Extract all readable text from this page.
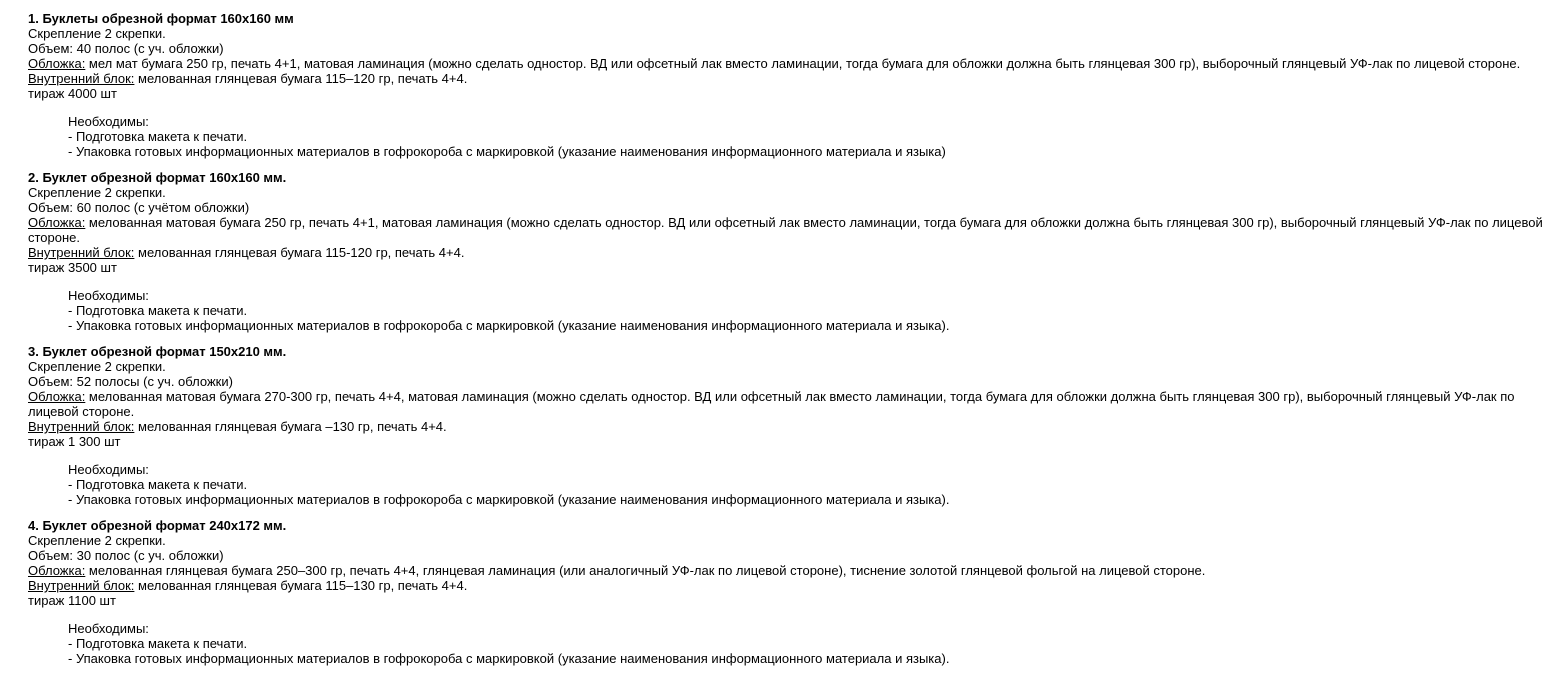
1. Буклеты обрезной формат 160х160 мм
Скрепление 2 скрепки.
Объем: 40 полос (с уч. обложки)
Обложка: мел мат бумага 250 гр, печать 4+1, матовая ламинация (можно сделать одностор. ВД или офсетный лак вместо ламинации, тогда бумага для обложки должна быть глянцевая 300 гр), выборочный глянцевый УФ-лак по лицевой стороне.
Внутренний блок: мелованная глянцевая бумага 115–120 гр, печать 4+4.
тираж 4000 шт
Необходимы:
- Подготовка макета к печати.
- Упаковка готовых информационных материалов в гофрокороба с маркировкой (указание наименования информационного материала и языка)
2. Буклет обрезной формат 160х160 мм.
Скрепление 2 скрепки.
Объем: 60 полос (с учётом обложки)
Обложка: мелованная матовая бумага 250 гр, печать 4+1, матовая ламинация (можно сделать одностор. ВД или офсетный лак вместо ламинации, тогда бумага для обложки должна быть глянцевая 300 гр), выборочный глянцевый УФ-лак по лицевой стороне.
Внутренний блок: мелованная глянцевая бумага 115-120 гр, печать 4+4.
тираж 3500 шт
Необходимы:
- Подготовка макета к печати.
- Упаковка готовых информационных материалов в гофрокороба с маркировкой (указание наименования информационного материала и языка).
3. Буклет обрезной формат 150х210 мм.
Скрепление 2 скрепки.
Объем: 52 полосы (с уч. обложки)
Обложка: мелованная матовая бумага 270-300 гр, печать 4+4, матовая ламинация (можно сделать одностор. ВД или офсетный лак вместо ламинации, тогда бумага для обложки должна быть глянцевая 300 гр), выборочный глянцевый УФ-лак по лицевой стороне.
Внутренний блок: мелованная глянцевая бумага –130 гр, печать 4+4.
тираж 1 300 шт
Необходимы:
- Подготовка макета к печати.
- Упаковка готовых информационных материалов в гофрокороба с маркировкой (указание наименования информационного материала и языка).
4. Буклет обрезной формат 240х172 мм.
Скрепление 2 скрепки.
Объем: 30 полос (с уч. обложки)
Обложка: мелованная глянцевая бумага 250–300 гр, печать 4+4, глянцевая ламинация (или аналогичный УФ-лак по лицевой стороне), тиснение золотой глянцевой фольгой на лицевой стороне.
Внутренний блок: мелованная глянцевая бумага 115–130 гр, печать 4+4.
тираж 1100 шт
Необходимы:
- Подготовка макета к печати.
- Упаковка готовых информационных материалов в гофрокороба с маркировкой (указание наименования информационного материала и языка).
